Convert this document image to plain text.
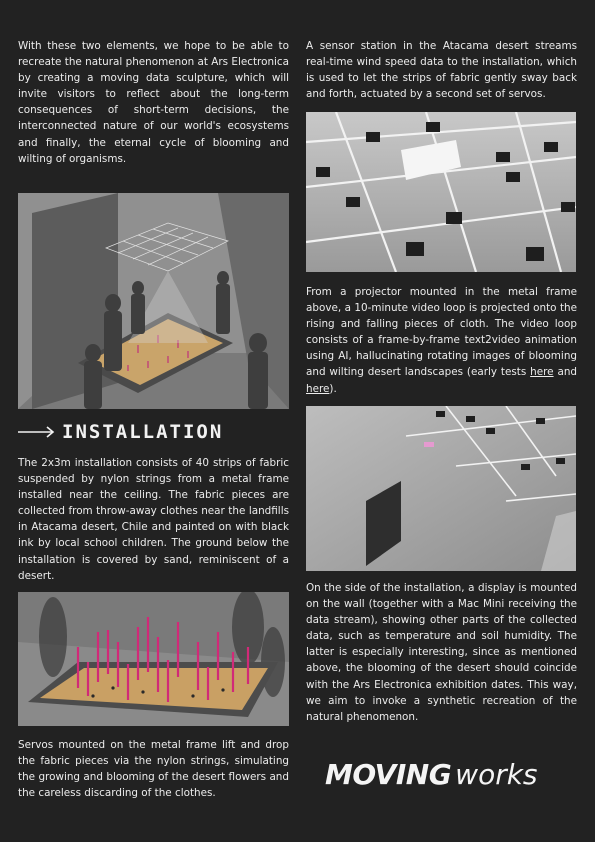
With these two elements, we hope to be able to recreate the natural phenomenon at Ars Electronica by creating a moving data sculpture, which will invite visitors to reflect about the long-term consequences of short-term decisions, the interconnected nature of our world's ecosystems and finally, the eternal cycle of blooming and wilting of organisms.

A sensor station in the Atacama desert streams real-time wind speed data to the installation, which is used to let the strips of fabric gently sway back and forth, actuated by a second set of servos.

From a projector mounted in the metal frame above, a 10-minute video loop is projected onto the rising and falling pieces of cloth. The video loop consists of a frame-by-frame text2video animation using AI, hallucinating rotating images of blooming and wilting desert landscapes (early tests here and here).

INSTALLATION

The 2x3m installation consists of 40 strips of fabric suspended by nylon strings from a metal frame installed near the ceiling. The fabric pieces are collected from throw-away clothes near the landfills in Atacama desert, Chile and painted on with black ink by local school children. The ground below the installation is covered by sand, reminiscent of a desert.

On the side of the installation, a display is mounted on the wall (together with a Mac Mini receiving the data stream), showing other parts of the collected data, such as temperature and soil humidity. The latter is especially interesting, since as mentioned above, the blooming of the desert should coincide with the Ars Electronica exhibition dates. This way, we aim to invoke a synthetic recreation of the natural phenomenon.

Servos mounted on the metal frame lift and drop the fabric pieces via the nylon strings, simulating the growing and blooming of the desert flowers and the careless discarding of the clothes.

MOVING works
